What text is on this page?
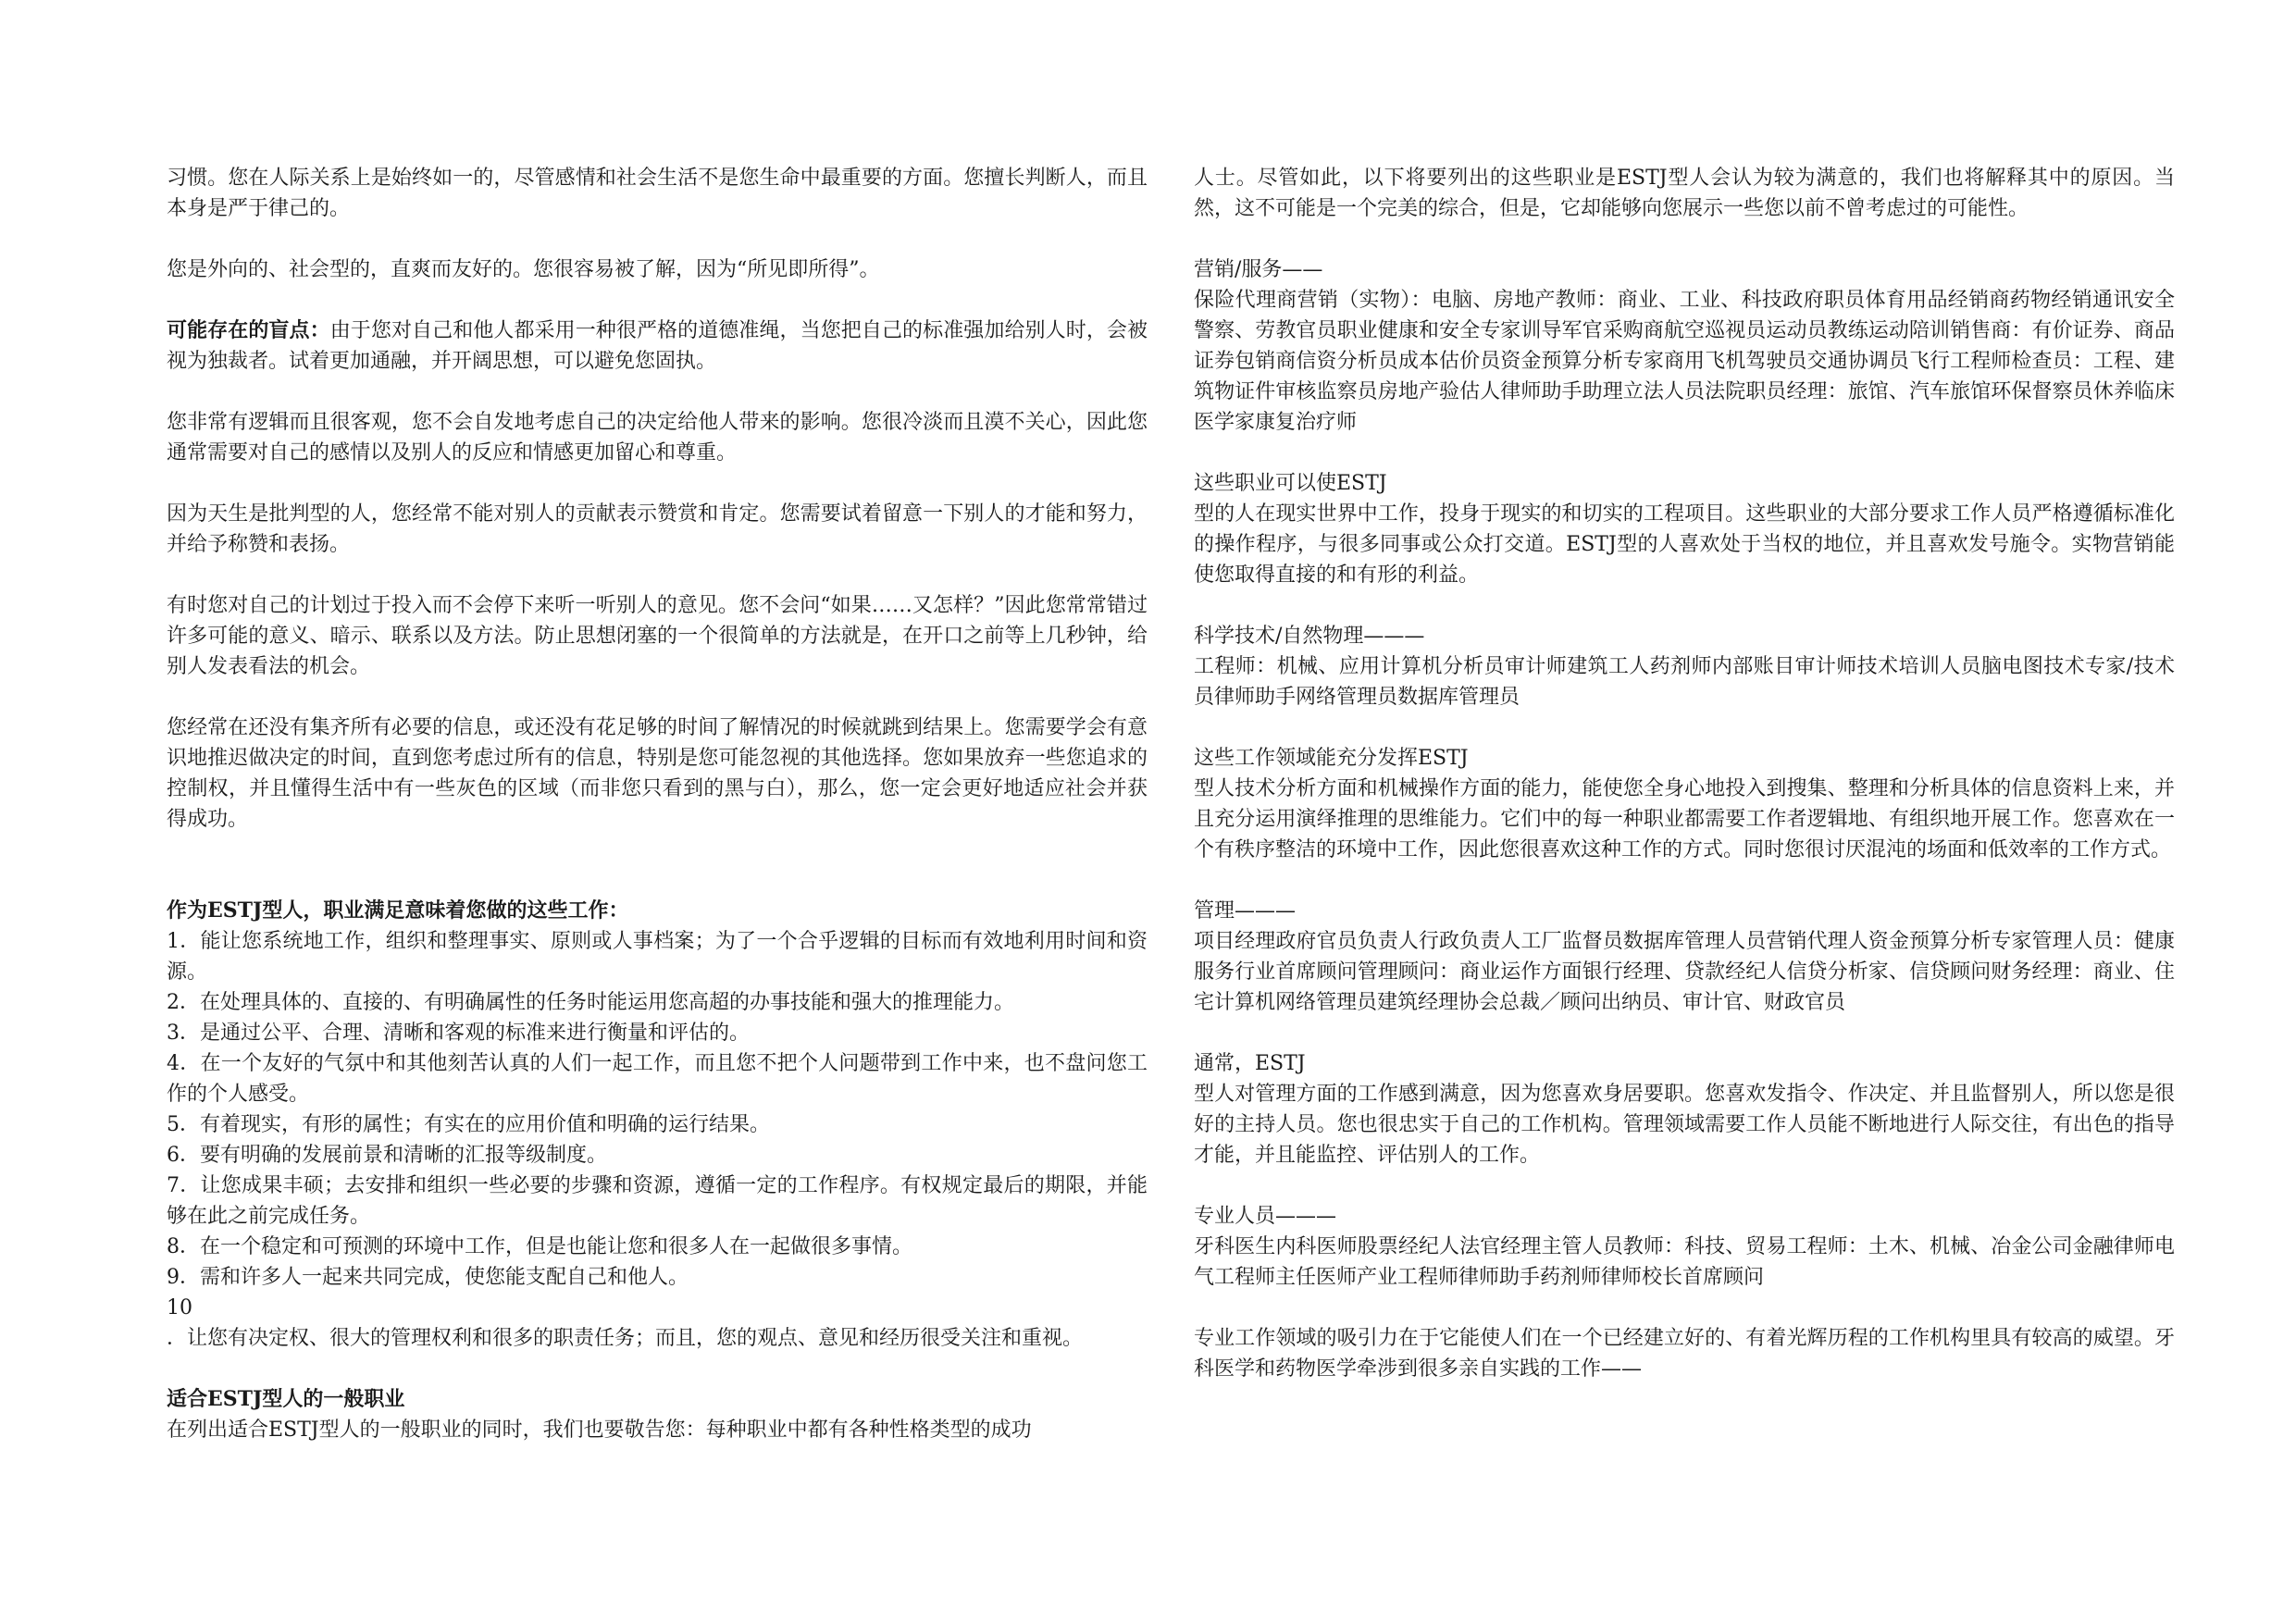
习惯。您在人际关系上是始终如一的，尽管感情和社会生活不是您生命中最重要的方面。您擅长判断人，而且本身是严于律己的。

您是外向的、社会型的，直爽而友好的。您很容易被了解，因为“所见即所得”。

可能存在的盲点：由于您对自己和他人都采用一种很严格的道德准绳，当您把自己的标准强加给别人时，会被视为独裁者。试着更加通融，并开阔思想，可以避免您固执。

您非常有逻辑而且很客观，您不会自发地考虑自己的决定给他人带来的影响。您很冷淡而且漠不关心，因此您通常需要对自己的感情以及别人的反应和情感更加留心和尊重。

因为天生是批判型的人，您经常不能对别人的贡献表示赞赏和肯定。您需要试着留意一下别人的才能和努力，并给予称赞和表扬。

有时您对自己的计划过于投入而不会停下来听一听别人的意见。您不会问“如果……又怎样？”因此您常常错过许多可能的意义、暗示、联系以及方法。防止思想闭塞的一个很简单的方法就是，在开口之前等上几秒钟，给别人发表看法的机会。

您经常在还没有集齐所有必要的信息，或还没有花足够的时间了解情况的时候就跳到结果上。您需要学会有意识地推迟做决定的时间，直到您考虑过所有的信息，特别是您可能忽视的其他选择。您如果放弃一些您追求的控制权，并且懂得生活中有一些灰色的区域（而非您只看到的黑与白），那么，您一定会更好地适应社会并获得成功。

作为ESTJ型人，职业满足意味着您做的这些工作：

1．能让您系统地工作，组织和整理事实、原则或人事档案；为了一个合乎逻辑的目标而有效地利用时间和资源。

2．在处理具体的、直接的、有明确属性的任务时能运用您高超的办事技能和强大的推理能力。

3．是通过公平、合理、清晰和客观的标准来进行衡量和评估的。

4．在一个友好的气氛中和其他刻苦认真的人们一起工作，而且您不把个人问题带到工作中来，也不盘问您工作的个人感受。

5．有着现实，有形的属性；有实在的应用价值和明确的运行结果。

6．要有明确的发展前景和清晰的汇报等级制度。

7．让您成果丰硕；去安排和组织一些必要的步骤和资源，遵循一定的工作程序。有权规定最后的期限，并能够在此之前完成任务。

8．在一个稳定和可预测的环境中工作，但是也能让您和很多人在一起做很多事情。

9．需和许多人一起来共同完成，使您能支配自己和他人。

10

．让您有决定权、很大的管理权利和很多的职责任务；而且，您的观点、意见和经历很受关注和重视。

适合ESTJ型人的一般职业

在列出适合ESTJ型人的一般职业的同时，我们也要敬告您：每种职业中都有各种性格类型的成功

人士。尽管如此，以下将要列出的这些职业是ESTJ型人会认为较为满意的，我们也将解释其中的原因。当然，这不可能是一个完美的综合，但是，它却能够向您展示一些您以前不曾考虑过的可能性。

营销/服务——

保险代理商营销（实物）：电脑、房地产教师：商业、工业、科技政府职员体育用品经销商药物经销通讯安全警察、劳教官员职业健康和安全专家训导军官采购商航空巡视员运动员教练运动陪训销售商：有价证券、商品证券包销商信资分析员成本估价员资金预算分析专家商用飞机驾驶员交通协调员飞行工程师检查员：工程、建筑物证件审核监察员房地产验估人律师助手助理立法人员法院职员经理：旅馆、汽车旅馆环保督察员休养临床医学家康复治疗师

这些职业可以使ESTJ

型的人在现实世界中工作，投身于现实的和切实的工程项目。这些职业的大部分要求工作人员严格遵循标准化的操作程序，与很多同事或公众打交道。ESTJ型的人喜欢处于当权的地位，并且喜欢发号施令。实物营销能使您取得直接的和有形的利益。

科学技术/自然物理———

工程师：机械、应用计算机分析员审计师建筑工人药剂师内部账目审计师技术培训人员脑电图技术专家/技术员律师助手网络管理员数据库管理员

这些工作领域能充分发挥ESTJ

型人技术分析方面和机械操作方面的能力，能使您全身心地投入到搜集、整理和分析具体的信息资料上来，并且充分运用演绎推理的思维能力。它们中的每一种职业都需要工作者逻辑地、有组织地开展工作。您喜欢在一个有秩序整洁的环境中工作，因此您很喜欢这种工作的方式。同时您很讨厌混沌的场面和低效率的工作方式。

管理———

项目经理政府官员负责人行政负责人工厂监督员数据库管理人员营销代理人资金预算分析专家管理人员：健康服务行业首席顾问管理顾问：商业运作方面银行经理、贷款经纪人信贷分析家、信贷顾问财务经理：商业、住宅计算机网络管理员建筑经理协会总裁／顾问出纳员、审计官、财政官员

通常，ESTJ

型人对管理方面的工作感到满意，因为您喜欢身居要职。您喜欢发指令、作决定、并且监督别人，所以您是很好的主持人员。您也很忠实于自己的工作机构。管理领域需要工作人员能不断地进行人际交往，有出色的指导才能，并且能监控、评估别人的工作。

专业人员———

牙科医生内科医师股票经纪人法官经理主管人员教师：科技、贸易工程师：土木、机械、冶金公司金融律师电气工程师主任医师产业工程师律师助手药剂师律师校长首席顾问

专业工作领域的吸引力在于它能使人们在一个已经建立好的、有着光辉历程的工作机构里具有较高的威望。牙科医学和药物医学牵涉到很多亲自实践的工作——
